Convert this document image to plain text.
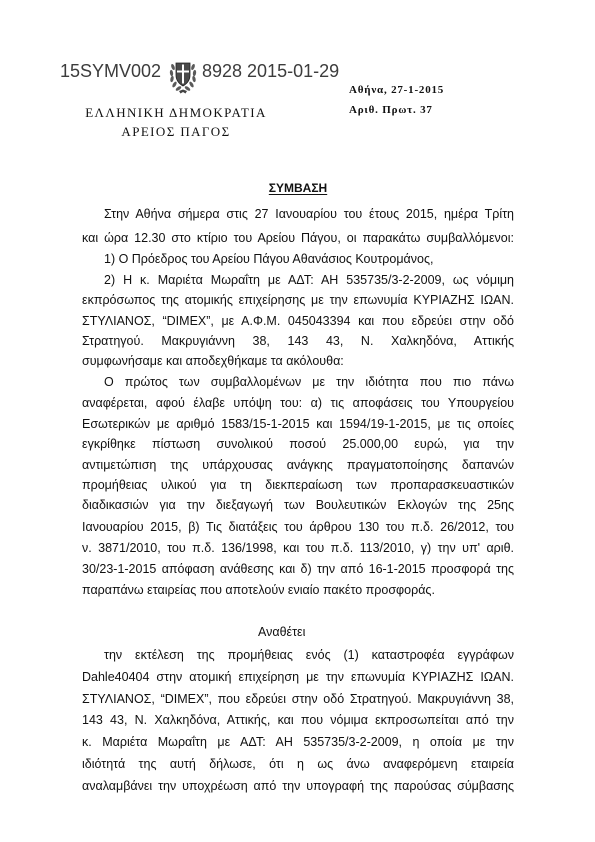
15SYMV002 8928 2015-01-29
Αθήνα, 27-1-2015
ΕΛΛΗΝΙΚΗ ΔΗΜΟΚΡΑΤΙΑ	Αριθ. Πρωτ. 37
ΑΡΕΙΟΣ ΠΑΓΟΣ
ΣΥΜΒΑΣΗ
Στην Αθήνα σήμερα στις 27 Ιανουαρίου του έτους 2015, ημέρα Τρίτη
και ώρα 12.30 στο κτίριο του Αρείου Πάγου, οι παρακάτω συμβαλλόμενοι:
1) Ο Πρόεδρος του Αρείου Πάγου Αθανάσιος Κουτρομάνος,
2) Η κ. Μαριέτα Μωραΐτη με ΑΔΤ: ΑΗ 535735/3-2-2009, ως νόμιμη
εκπρόσωπος της ατομικής επιχείρησης με την επωνυμία ΚΥΡΙΑΖΗΣ ΙΩΑΝ.
ΣΤΥΛΙΑΝΟΣ, “DIMEX”, με Α.Φ.Μ. 045043394 και που εδρεύει στην οδό
Στρατηγού. Μακρυγιάννη 38, 143 43, Ν. Χαλκηδόνα, Αττικής
συμφωνήσαμε και αποδεχθήκαμε τα ακόλουθα:
Ο πρώτος των συμβαλλομένων με την ιδιότητα που πιο πάνω
αναφέρεται, αφού έλαβε υπόψη του: α) τις αποφάσεις του Υπουργείου
Εσωτερικών με αριθμό 1583/15-1-2015 και 1594/19-1-2015, με τις οποίες
εγκρίθηκε πίστωση συνολικού ποσού 25.000,00 ευρώ, για την
αντιμετώπιση της υπάρχουσας ανάγκης πραγματοποίησης δαπανών
προμήθειας υλικού για τη διεκπεραίωση των προπαρασκευαστικών
διαδικασιών για την διεξαγωγή των Βουλευτικών Εκλογών της 25ης
Ιανουαρίου 2015, β) Τις διατάξεις του άρθρου 130 του π.δ. 26/2012, του
ν. 3871/2010, του π.δ. 136/1998, και του π.δ. 113/2010, γ) την υπ' αριθ.
30/23-1-2015 απόφαση ανάθεσης και δ) την από 16-1-2015 προσφορά της
παραπάνω εταιρείας που αποτελούν ενιαίο πακέτο προσφοράς.
Αναθέτει
την εκτέλεση της προμήθειας ενός (1) καταστροφέα εγγράφων
Dahle40404 στην ατομική επιχείρηση με την επωνυμία ΚΥΡΙΑΖΗΣ ΙΩΑΝ.
ΣΤΥΛΙΑΝΟΣ, “DIMEX”, που εδρεύει στην οδό Στρατηγού. Μακρυγιάννη 38,
143 43, Ν. Χαλκηδόνα, Αττικής, και που νόμιμα εκπροσωπείται από την
κ. Μαριέτα Μωραΐτη με ΑΔΤ: ΑΗ 535735/3-2-2009, η οποία με την
ιδιότητά της αυτή δήλωσε, ότι η ως άνω αναφερόμενη εταιρεία
αναλαμβάνει την υποχρέωση από την υπογραφή της παρούσας σύμβασης
